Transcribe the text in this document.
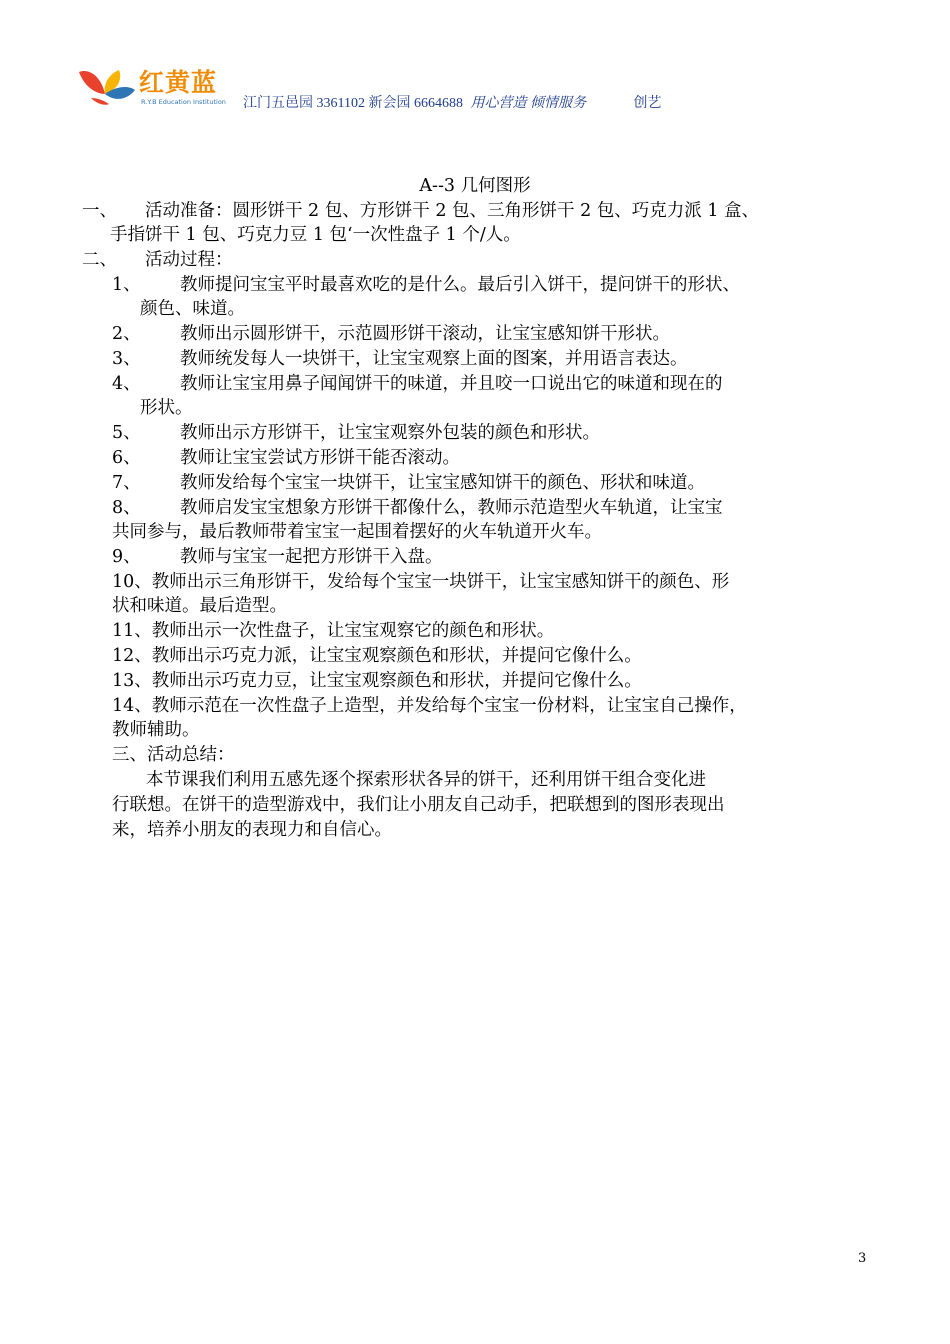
红黄蓝
R.Y.B Education Institution 江门五邑园 3361102 新会园 6664688 用心营造 倾情服务	创艺
A--3 几何图形
一、 活动准备：圆形饼干 2 包、方形饼干 2 包、三角形饼干 2 包、巧克力派 1 盒、
手指饼干 1 包、巧克力豆 1 包‘一次性盘子 1 个/人。
二、 活动过程：
1、 教师提问宝宝平时最喜欢吃的是什么。最后引入饼干，提问饼干的形状、
颜色、味道。
2、 教师出示圆形饼干，示范圆形饼干滚动，让宝宝感知饼干形状。
3、 教师统发每人一块饼干，让宝宝观察上面的图案，并用语言表达。
4、 教师让宝宝用鼻子闻闻饼干的味道，并且咬一口说出它的味道和现在的
形状。
5、 教师出示方形饼干，让宝宝观察外包装的颜色和形状。
6、 教师让宝宝尝试方形饼干能否滚动。
7、 教师发给每个宝宝一块饼干，让宝宝感知饼干的颜色、形状和味道。
8、 教师启发宝宝想象方形饼干都像什么，教师示范造型火车轨道，让宝宝
共同参与，最后教师带着宝宝一起围着摆好的火车轨道开火车。
9、 教师与宝宝一起把方形饼干入盘。
10、教师出示三角形饼干，发给每个宝宝一块饼干，让宝宝感知饼干的颜色、形
状和味道。最后造型。
11、教师出示一次性盘子，让宝宝观察它的颜色和形状。
12、教师出示巧克力派，让宝宝观察颜色和形状，并提问它像什么。
13、教师出示巧克力豆，让宝宝观察颜色和形状，并提问它像什么。
14、教师示范在一次性盘子上造型，并发给每个宝宝一份材料，让宝宝自己操作，
教师辅助。
三、活动总结：
本节课我们利用五感先逐个探索形状各异的饼干，还利用饼干组合变化进
行联想。在饼干的造型游戏中，我们让小朋友自己动手，把联想到的图形表现出
来，培养小朋友的表现力和自信心。
3
